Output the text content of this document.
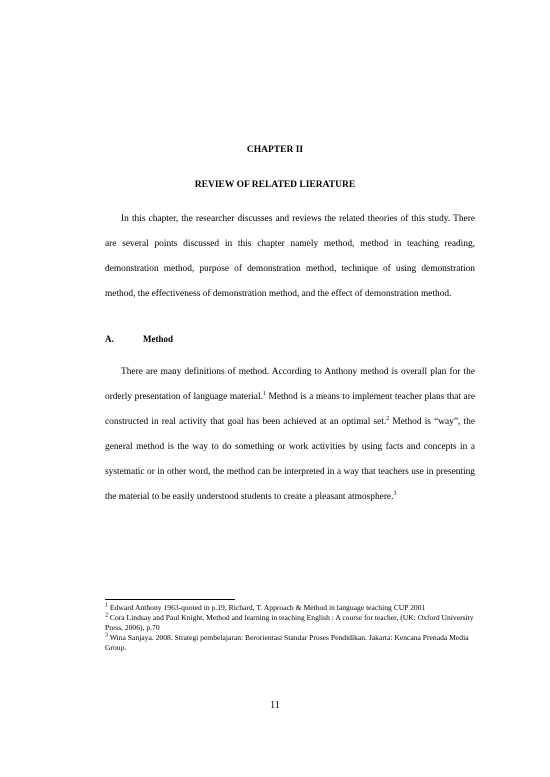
CHAPTER II
REVIEW OF RELATED LIERATURE

In this chapter, the researcher discusses and reviews the related theories of this study. There are several points discussed in this chapter namely method, method in teaching reading, demonstration method, purpose of demonstration method, technique of using demonstration method, the effectiveness of demonstration method, and the effect of demonstration method.

A.	Method

There are many definitions of method. According to Anthony method is overall plan for the orderly presentation of language material.$^1$ Method is a means to implement teacher plans that are constructed in real activity that goal has been achieved at an optimal set.$^2$ Method is “way”, the general method is the way to do something or work activities by using facts and concepts in a systematic or in other word, the method can be interpreted in a way that teachers use in presenting the material to be easily understood students to create a pleasant atmosphere.$^3$

$^1$ Edward Anthony 1963-quoted in p.19, Richard, T. Approach & Method in language teaching CUP 2001

$^2$ Cora Lindsay and Paul Knight, Method and learning in teaching English : A course for teacher, (UK: Oxford University Press, 2006), p.70

$^3$ Wina Sanjaya. 2008. Strategi pembelajaran: Berorientasi Standar Proses Pendidikan. Jakarta: Kencana Prenada Media Group.

11
